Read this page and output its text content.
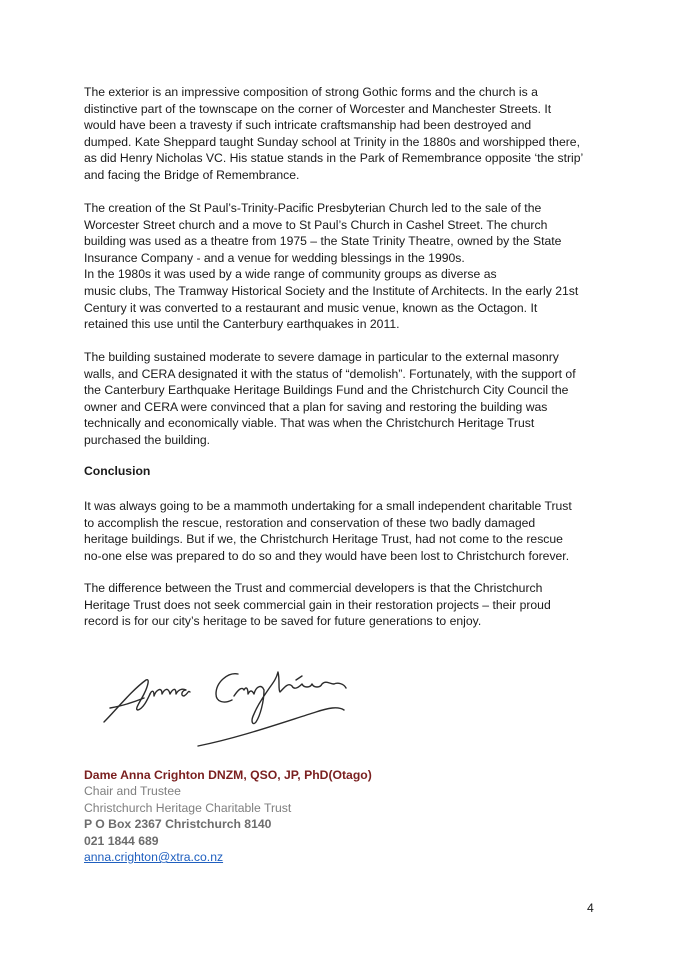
The exterior is an impressive composition of strong Gothic forms and the church is a
distinctive part of the townscape on the corner of Worcester and Manchester Streets. It
would have been a travesty if such intricate craftsmanship had been destroyed and
dumped. Kate Sheppard taught Sunday school at Trinity in the 1880s and worshipped there,
as did Henry Nicholas VC. His statue stands in the Park of Remembrance opposite ‘the strip’
and facing the Bridge of Remembrance.

The creation of the St Paul’s-Trinity-Pacific Presbyterian Church led to the sale of the
Worcester Street church and a move to St Paul’s Church in Cashel Street. The church
building was used as a theatre from 1975 – the State Trinity Theatre, owned by the State
Insurance Company - and a venue for wedding blessings in the 1990s.
In the 1980s it was used by a wide range of community groups as diverse as
music clubs, The Tramway Historical Society and the Institute of Architects. In the early 21st
Century it was converted to a restaurant and music venue, known as the Octagon. It
retained this use until the Canterbury earthquakes in 2011.

The building sustained moderate to severe damage in particular to the external masonry
walls, and CERA designated it with the status of “demolish”. Fortunately, with the support of
the Canterbury Earthquake Heritage Buildings Fund and the Christchurch City Council the
owner and CERA were convinced that a plan for saving and restoring the building was
technically and economically viable. That was when the Christchurch Heritage Trust
purchased the building.

Conclusion

It was always going to be a mammoth undertaking for a small independent charitable Trust
to accomplish the rescue, restoration and conservation of these two badly damaged
heritage buildings. But if we, the Christchurch Heritage Trust, had not come to the rescue
no-one else was prepared to do so and they would have been lost to Christchurch forever.

The difference between the Trust and commercial developers is that the Christchurch
Heritage Trust does not seek commercial gain in their restoration projects – their proud
record is for our city’s heritage to be saved for future generations to enjoy.

Dame Anna Crighton DNZM, QSO, JP, PhD(Otago)
Chair and Trustee
Christchurch Heritage Charitable Trust
P O Box 2367 Christchurch 8140
021 1844 689
anna.crighton@xtra.co.nz
4
